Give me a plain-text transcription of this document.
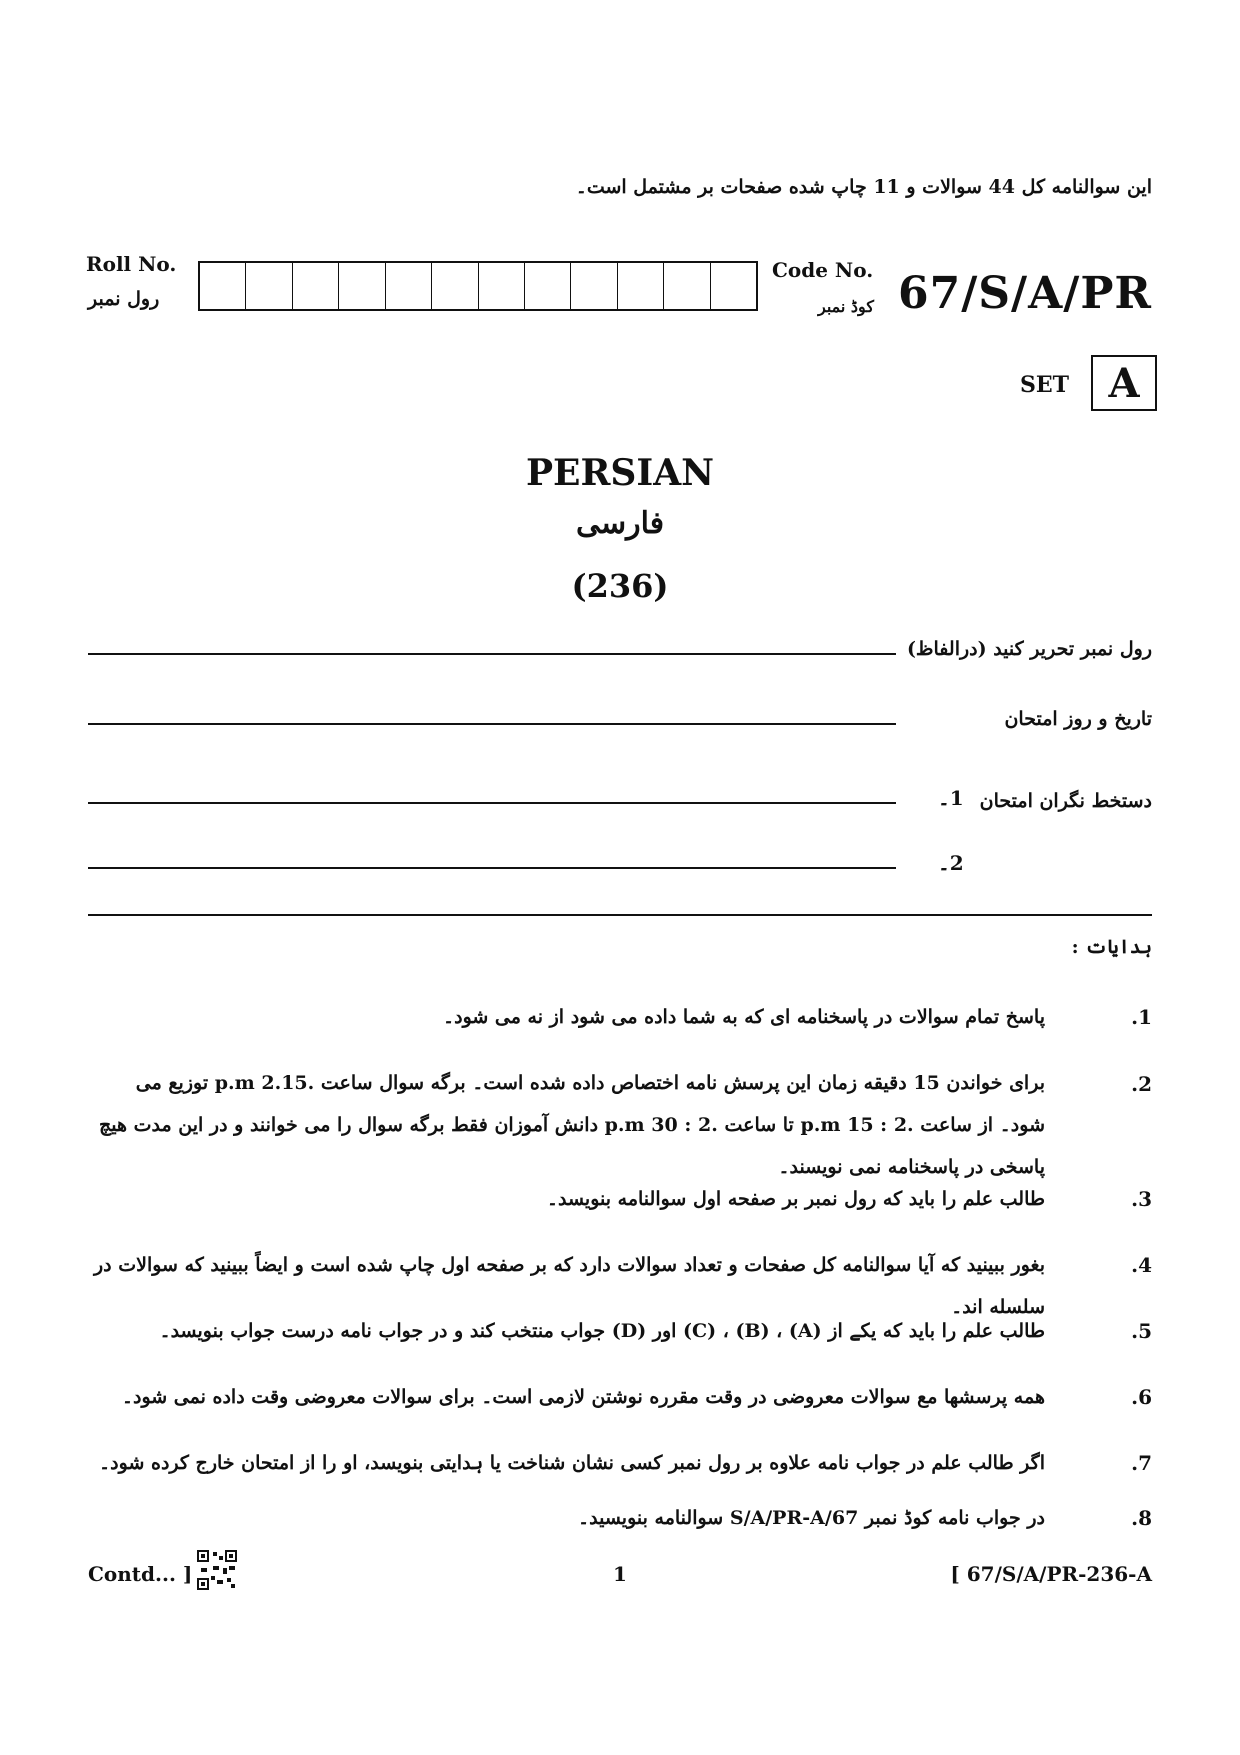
این سوالنامه کل 44 سوالات و 11 چاپ شده صفحات بر مشتمل است۔
Roll No.
رول نمبر
Code No.
کوڈ نمبر 67/S/A/PR
SET A
PERSIAN
فارسی
(236)
رول نمبر تحریر کنید (درالفاظ)
تاریخ و روز امتحان
1۔ دستخط نگران امتحان
2۔
ہدایات :
.1
پاسخ تمام سوالات در پاسخنامه ای که به شما داده می شود از نه می شود۔
.2
برای خواندن 15 دقیقه زمان این پرسش نامه اختصاص داده شده است۔ برگه سوال ساعت .2.15 p.m توزیع می شود۔ از ساعت .2 : 15 p.m تا ساعت .2 : 30 p.m دانش آموزان فقط برگه سوال را می خوانند و در این مدت هیچ پاسخی در پاسخنامه نمی نویسند۔
.3
طالب علم را باید که رول نمبر بر صفحه اول سوالنامه بنویسد۔
.4
بغور ببینید که آیا سوالنامه کل صفحات و تعداد سوالات دارد که بر صفحه اول چاپ شده است و ایضاً ببینید که سوالات در سلسله اند۔
.5
طالب علم را باید که یکے از (A) ، (B) ، (C) اور (D) جواب منتخب کند و در جواب نامه درست جواب بنویسد۔
.6
همه پرسشها مع سوالات معروضی در وقت مقرره نوشتن لازمی است۔ برای سوالات معروضی وقت داده نمی شود۔
.7
اگر طالب علم در جواب نامه علاوه بر رول نمبر کسی نشان شناخت یا ہدایتی بنویسد، او را از امتحان خارج کرده شود۔
.8
در جواب نامه کوڈ نمبر 67/S/A/PR-A سوالنامه بنویسید۔
Contd... ]	1	[ 67/S/A/PR-236-A
